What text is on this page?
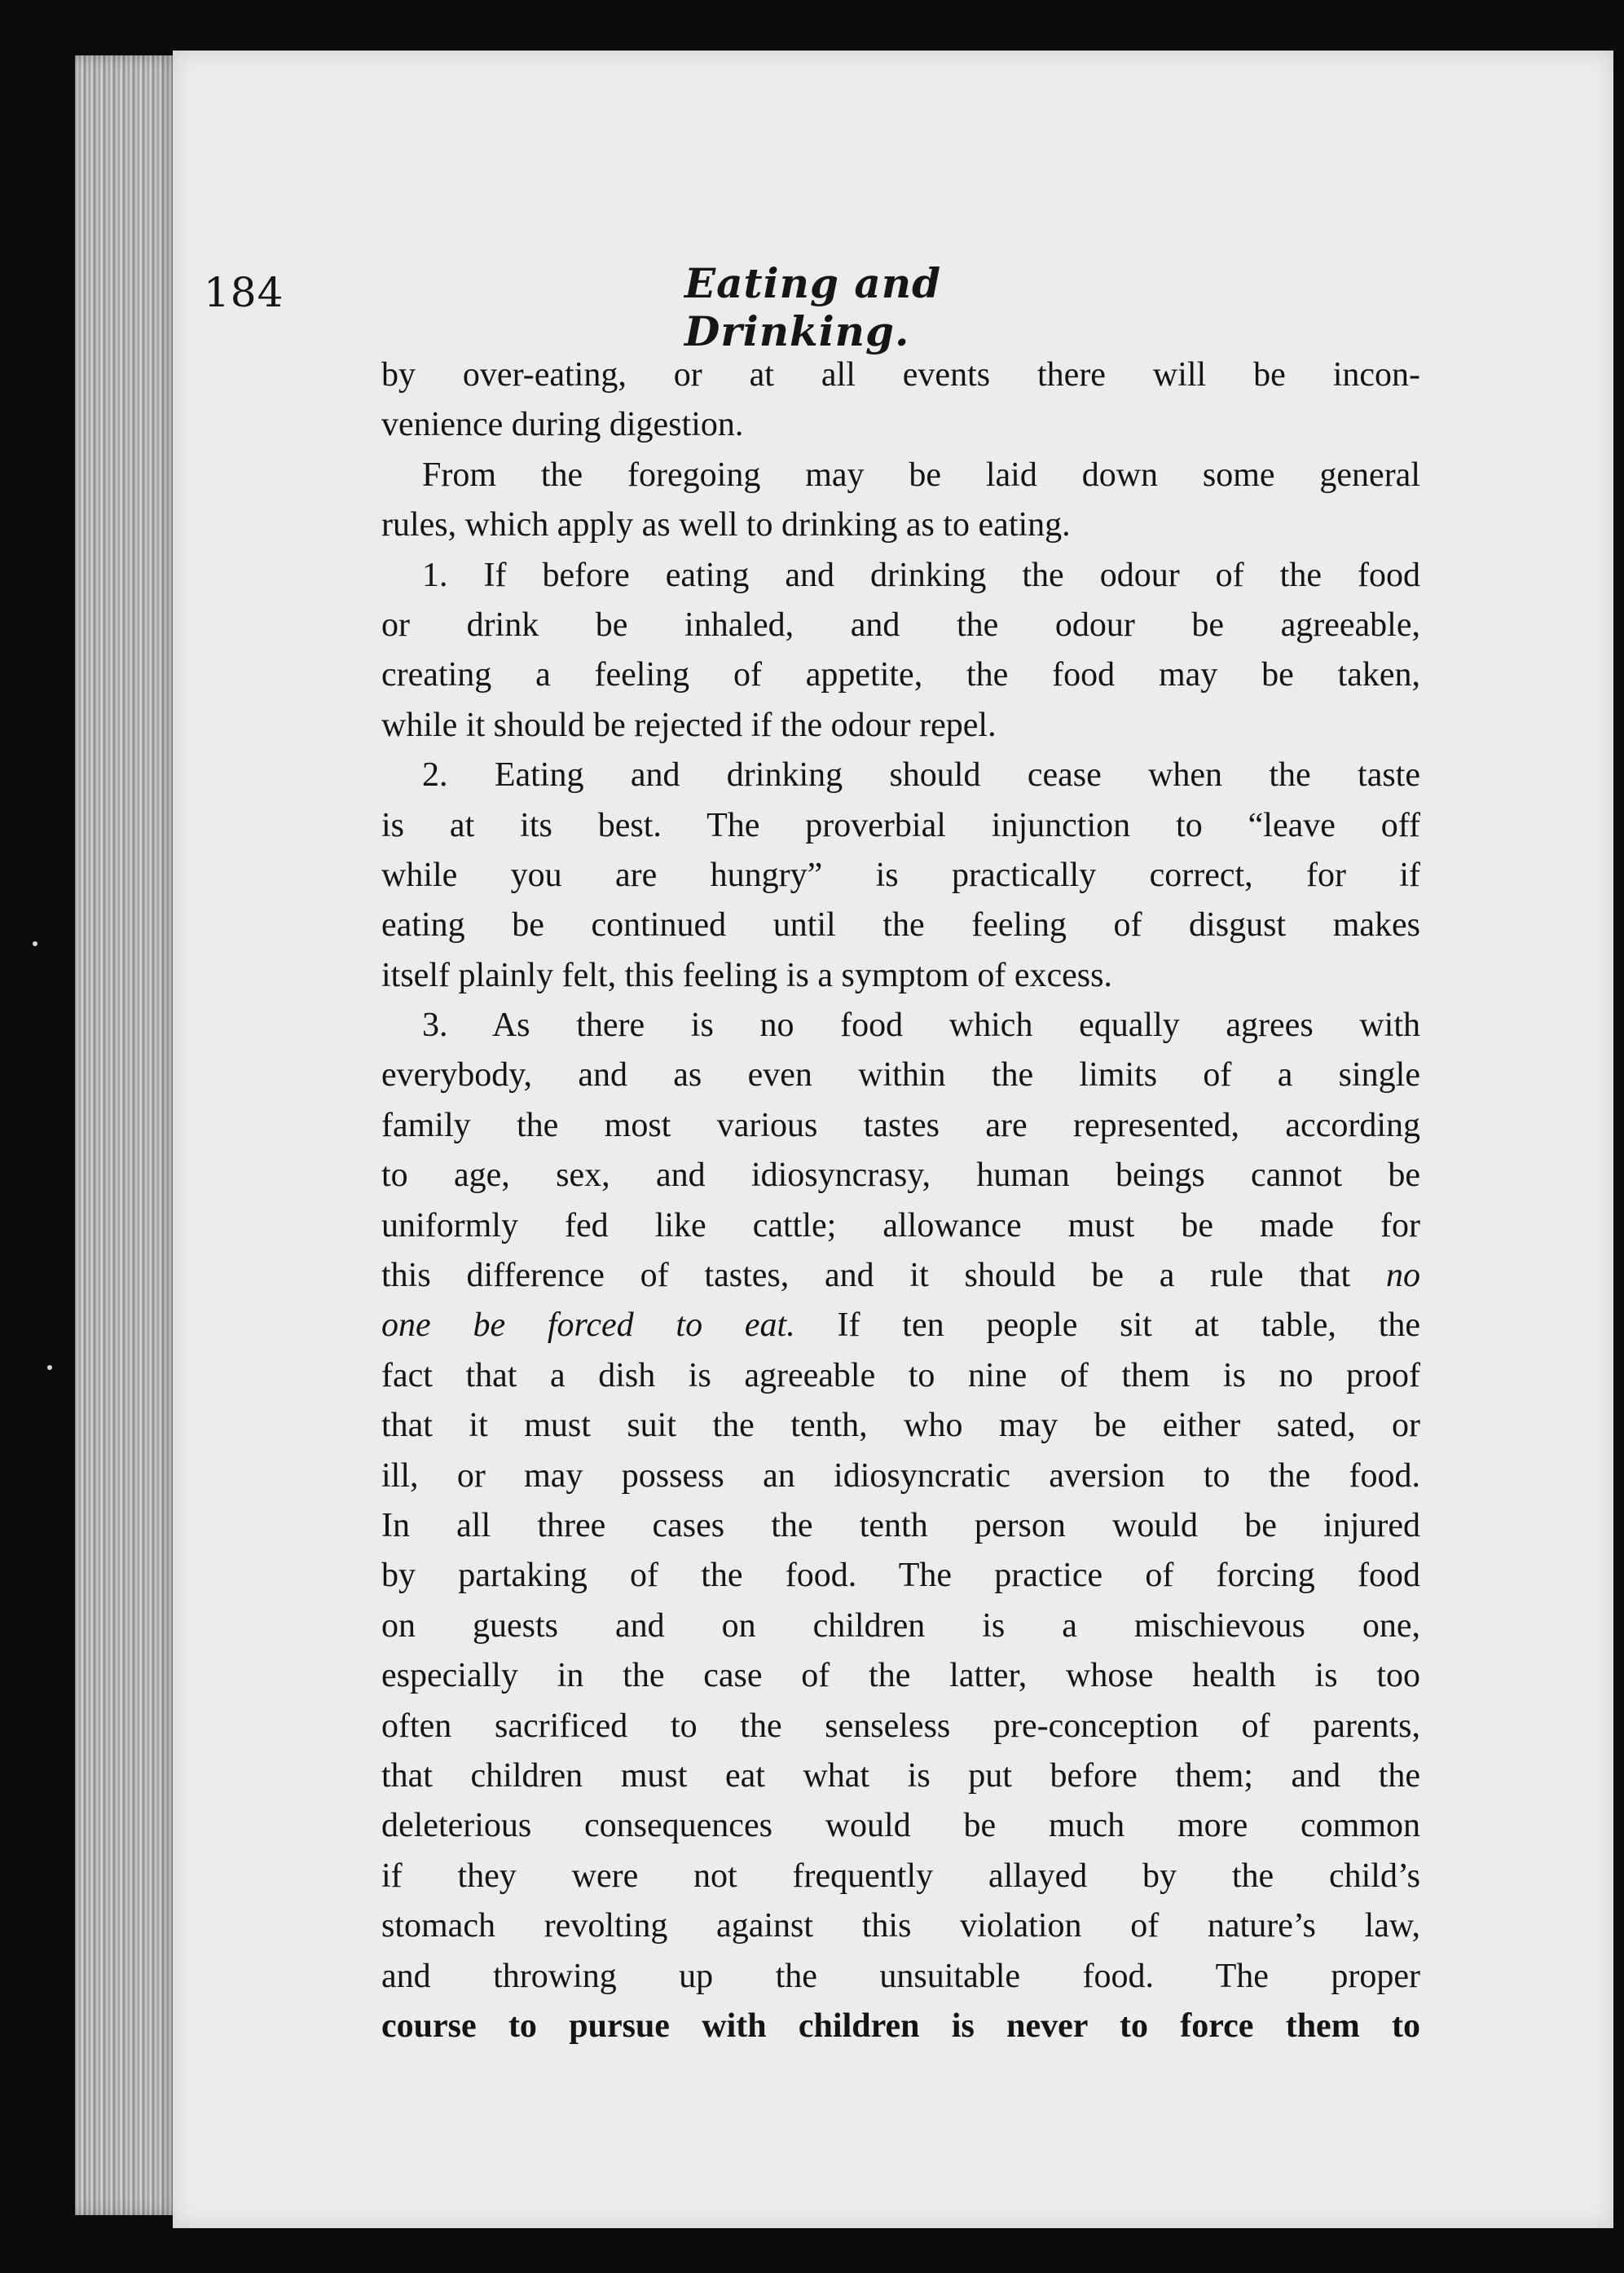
184	Eating and Drinking.
by over-eating, or at all events there will be incon-
venience during digestion.
From the foregoing may be laid down some general
rules, which apply as well to drinking as to eating.
1. If before eating and drinking the odour of the food
or drink be inhaled, and the odour be agreeable,
creating a feeling of appetite, the food may be taken,
while it should be rejected if the odour repel.
2. Eating and drinking should cease when the taste
is at its best. The proverbial injunction to “leave off
while you are hungry” is practically correct, for if
eating be continued until the feeling of disgust makes
itself plainly felt, this feeling is a symptom of excess.
3. As there is no food which equally agrees with
everybody, and as even within the limits of a single
family the most various tastes are represented, according
to age, sex, and idiosyncrasy, human beings cannot be
uniformly fed like cattle; allowance must be made for
this difference of tastes, and it should be a rule that no
one be forced to eat. If ten people sit at table, the
fact that a dish is agreeable to nine of them is no proof
that it must suit the tenth, who may be either sated, or
ill, or may possess an idiosyncratic aversion to the food.
In all three cases the tenth person would be injured
by partaking of the food. The practice of forcing food
on guests and on children is a mischievous one,
especially in the case of the latter, whose health is too
often sacrificed to the senseless pre-conception of parents,
that children must eat what is put before them; and the
deleterious consequences would be much more common
if they were not frequently allayed by the child’s
stomach revolting against this violation of nature’s law,
and throwing up the unsuitable food. The proper
course to pursue with children is never to force them to
